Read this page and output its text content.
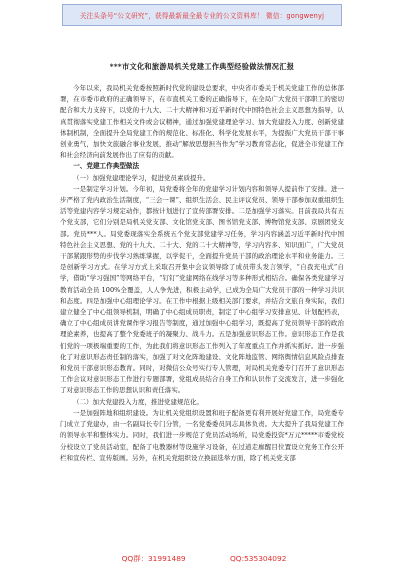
关注头条号“公文研究”，获得最新最全最专业的公文资料库！ 微信：gongwenyj
***市文化和旅游局机关党建工作典型经验做法情况汇报

今年以来，我局机关党委按照新时代党的建设总要求，中央省市委关于机关党建工作的总体部署，在市委市政府的正确领导下，在市直机关工委的正确指导下，在全局广大党员干部职工的密切配合和大力支持下，以党的十九大、二十大精神和习近平新时代中国特色社会主义思想为指导，认真贯彻落实党建工作相关文件或会议精神，通过加强党建理论学习、加大党建投入力度、创新党建体制机制，全面提升全局党建工作的规范化、标准化、科学化发展水平，为提振广大党员干部干事创业勇气，加快文旅融合事业发展，推动“解放思想担当作为”学习教育常态化，促进全市党建工作和社会经济向前发展作出了应有的贡献。

一、党建工作典型做法

（一）加强党建理论学习，促进党员素质提升。

一是制定学习计划。今年初，局党委将全年的党建学习计划内容和领导人提前作了安排。进一步严格了党内政治生活制度，“三会一课”、组织生活会、民主评议党员、领导干部参加双重组织生活等党建内容学习规定动作，都按计划进行了宣传部署安排。二是加强学习落实。目前我局共有五个党支部，它们分别是局机关党支部、文化馆党支部、图书馆党支部、博物馆党支部、京剧团党支部。党员***人。局党委现落实全系统五个党支部党建学习任务，学习内容涵盖习近平新时代中国特色社会主义思想、党的十九大、二十大、党的二十大精神等，学习内容多、知识面广，广大党员干部紧跟形势的步伐学习熟练掌握，以学促干，全面提升党员干部的政治理论水平和业务能力。三是创新学习方式。在学习方式上采取召开集中会议领导除了成员带头发言领学，“自我充电式”自学，借助“学习强国”等网络平台，“钉钉”党建网络在线学习等多种形式相结合。确保各类党建学习教育活动全员 100%全覆盖，人人争先进，积极主动学，已成为全局广大党员干部的一种学习共识和态度。四是加强中心组理论学习。在工作中根据上级相关部门要求，并结合文旅自身实际，我们建立健全了中心组领导机制，明确了中心组成员职责，制定了中心组学习安排意见、计划配档表，确立了中心组成员讲党课作学习报告等制度，通过加强中心组学习，既提高了党员领导干部的政治理论素养，也提高了整个党委班子的凝聚力、战斗力。五是加强意识形态工作。意识形态工作是我们党的一项极端重要的工作，为此我们将意识形态工作列入了年度重点工作并抓实抓好。进一步强化了对意识形态责任制的落实，加强了对文化阵地建设、文化阵地监管、网络舆情信息风险点排查和党员干部意识形态教育。同时，对微信公众号实行专人管理，对局机关党委专门召开了意识形态工作会议对意识形态工作进行专题部署，党组成员结合自身工作和认识作了交流发言，进一步强化了对意识形态工作的思想认识和责任落实。

（二）加大党建投入力度，推进党建规范化。

一是加强阵地和组织建设。为让机关党组织设置和班子配备更有利开展好党建工作，局党委专门成立了党建办，由一名副局长专门分管，一名党委委员同志具体负责。大大提升了我局党建工作的领导水平和整体实力。同时，我们进一步规范了党员活动场所，局党委投资*万元*****市委党校分校设立了党员活动室，配备了电教器材等设施学习设备，在过道走廊醒目位置设立党务工作公开栏和宣传栏、宣传版画。另外，在机关党组织设立换届选举方面，除了机关党支部

QQ群：31991489	QQ:535304092
